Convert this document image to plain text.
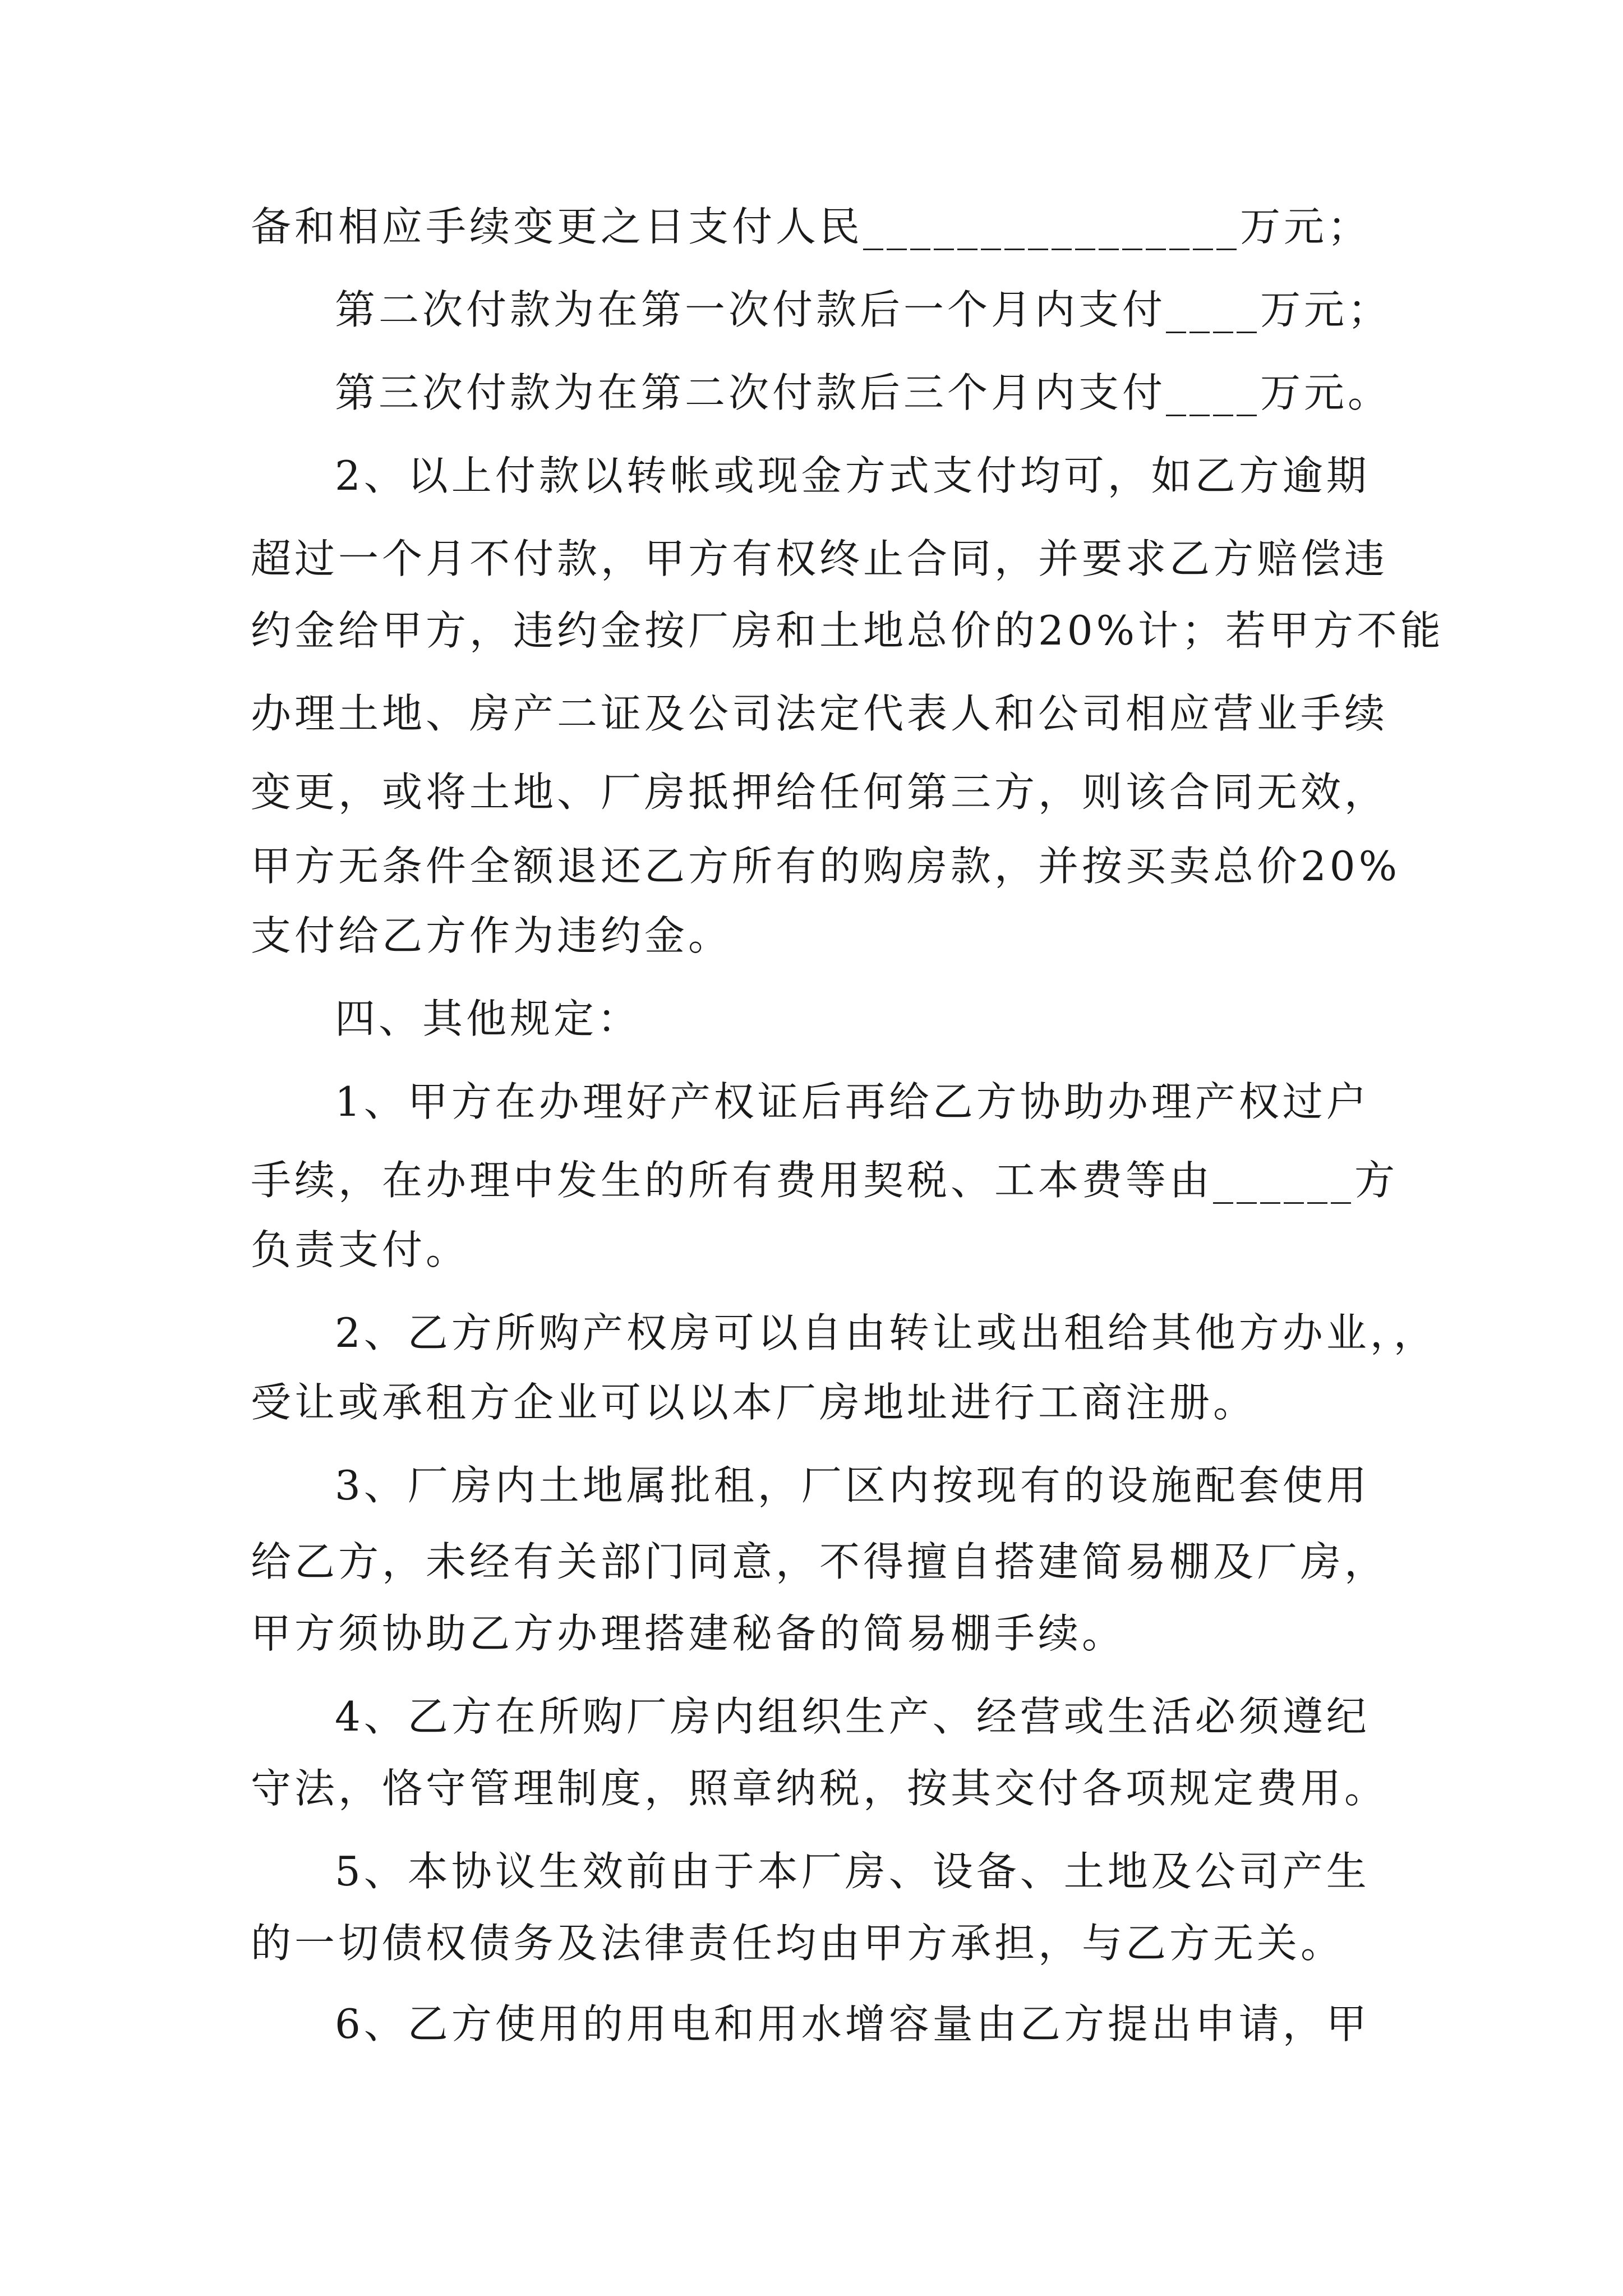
备和相应手续变更之日支付人民________________万元；
第二次付款为在第一次付款后一个月内支付____万元；
第三次付款为在第二次付款后三个月内支付____万元。
2、以上付款以转帐或现金方式支付均可，如乙方逾期
超过一个月不付款，甲方有权终止合同，并要求乙方赔偿违
约金给甲方，违约金按厂房和土地总价的20%计；若甲方不能
办理土地、房产二证及公司法定代表人和公司相应营业手续
变更，或将土地、厂房抵押给任何第三方，则该合同无效，
甲方无条件全额退还乙方所有的购房款，并按买卖总价20%
支付给乙方作为违约金。
四、其他规定：
1、甲方在办理好产权证后再给乙方协助办理产权过户
手续，在办理中发生的所有费用契税、工本费等由______方
负责支付。
2、乙方所购产权房可以自由转让或出租给其他方办业，，
受让或承租方企业可以以本厂房地址进行工商注册。
3、厂房内土地属批租，厂区内按现有的设施配套使用
给乙方，未经有关部门同意，不得擅自搭建简易棚及厂房，
甲方须协助乙方办理搭建秘备的简易棚手续。
4、乙方在所购厂房内组织生产、经营或生活必须遵纪
守法，恪守管理制度，照章纳税，按其交付各项规定费用。
5、本协议生效前由于本厂房、设备、土地及公司产生
的一切债权债务及法律责任均由甲方承担，与乙方无关。
6、乙方使用的用电和用水增容量由乙方提出申请，甲
